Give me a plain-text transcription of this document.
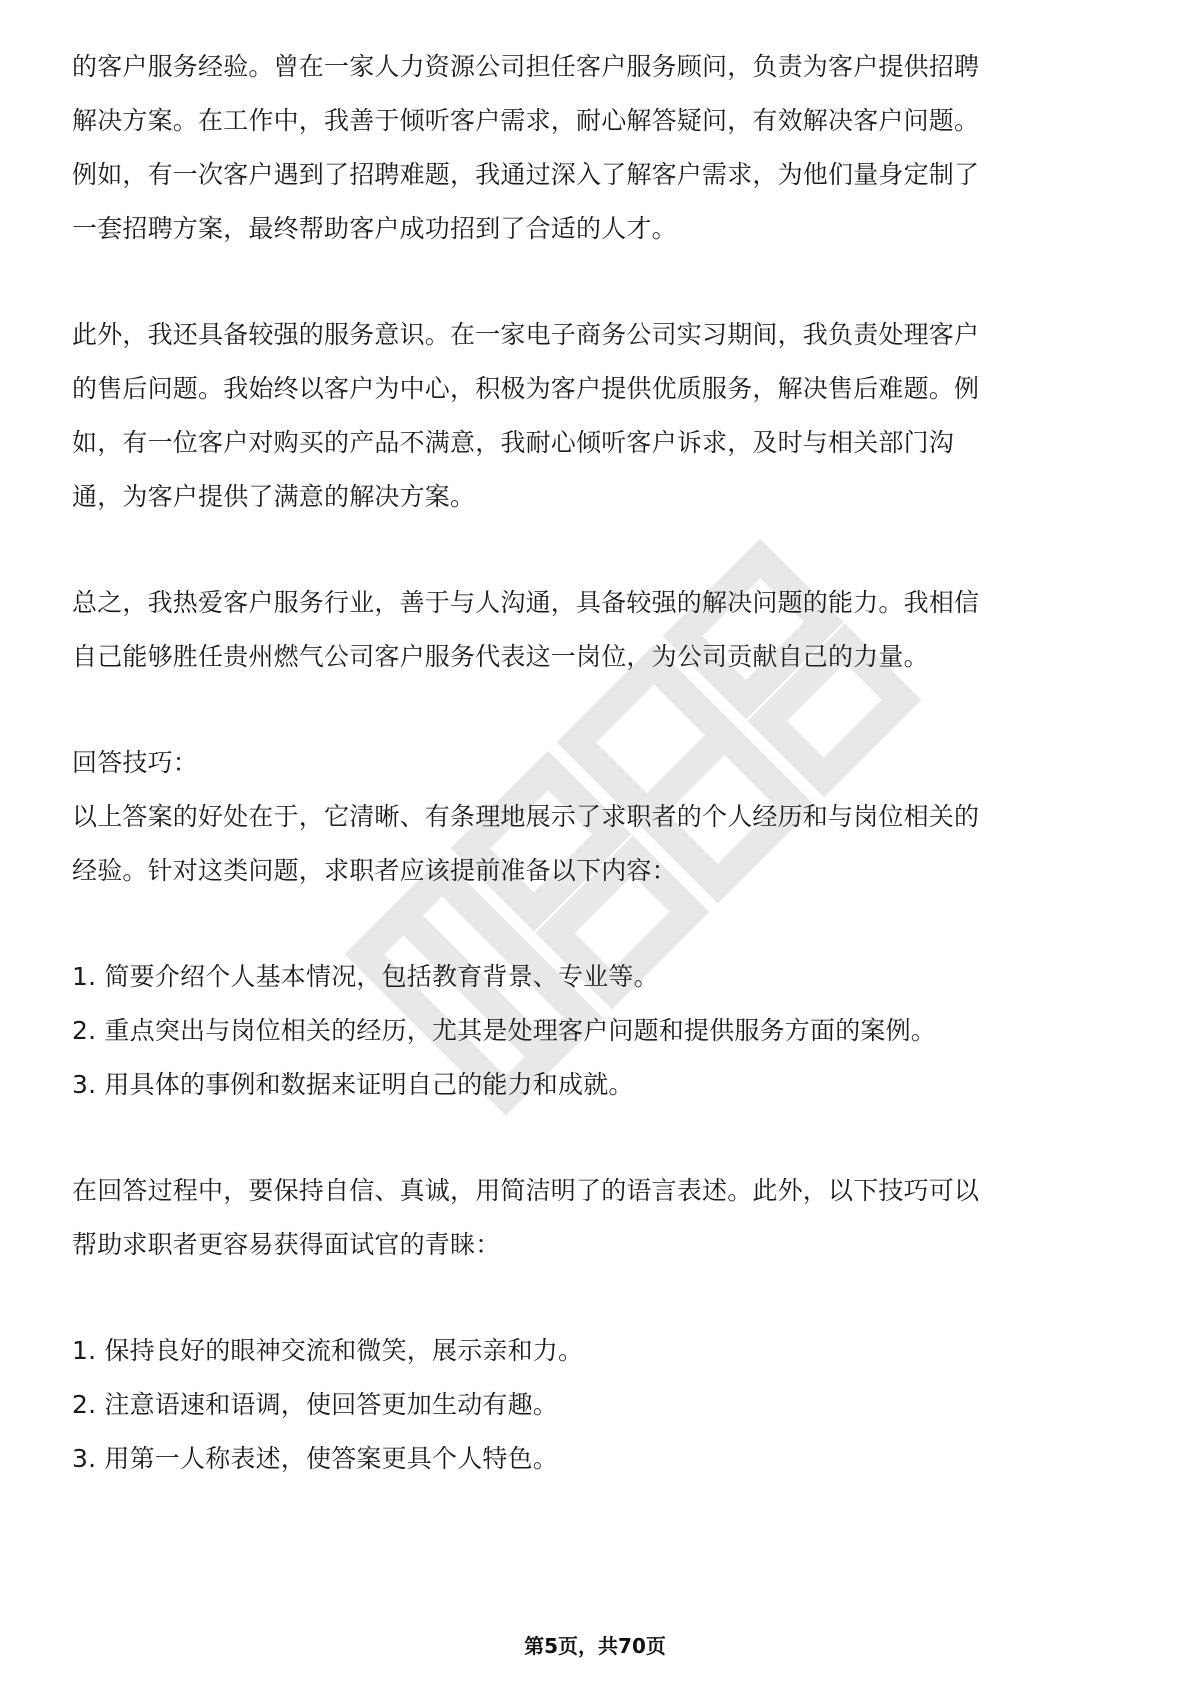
的客户服务经验。曾在一家人力资源公司担任客户服务顾问，负责为客户提供招聘
解决方案。在工作中，我善于倾听客户需求，耐心解答疑问，有效解决客户问题。
例如，有一次客户遇到了招聘难题，我通过深入了解客户需求，为他们量身定制了
一套招聘方案，最终帮助客户成功招到了合适的人才。
此外，我还具备较强的服务意识。在一家电子商务公司实习期间，我负责处理客户
的售后问题。我始终以客户为中心，积极为客户提供优质服务，解决售后难题。例
如，有一位客户对购买的产品不满意，我耐心倾听客户诉求，及时与相关部门沟
通，为客户提供了满意的解决方案。
总之，我热爱客户服务行业，善于与人沟通，具备较强的解决问题的能力。我相信
自己能够胜任贵州燃气公司客户服务代表这一岗位，为公司贡献自己的力量。
回答技巧：
以上答案的好处在于，它清晰、有条理地展示了求职者的个人经历和与岗位相关的
经验。针对这类问题，求职者应该提前准备以下内容：
1. 简要介绍个人基本情况，包括教育背景、专业等。
2. 重点突出与岗位相关的经历，尤其是处理客户问题和提供服务方面的案例。
3. 用具体的事例和数据来证明自己的能力和成就。
在回答过程中，要保持自信、真诚，用简洁明了的语言表述。此外，以下技巧可以
帮助求职者更容易获得面试官的青睐：
1. 保持良好的眼神交流和微笑，展示亲和力。
2. 注意语速和语调，使回答更加生动有趣。
3. 用第一人称表述，使答案更具个人特色。
第5页，共70页
